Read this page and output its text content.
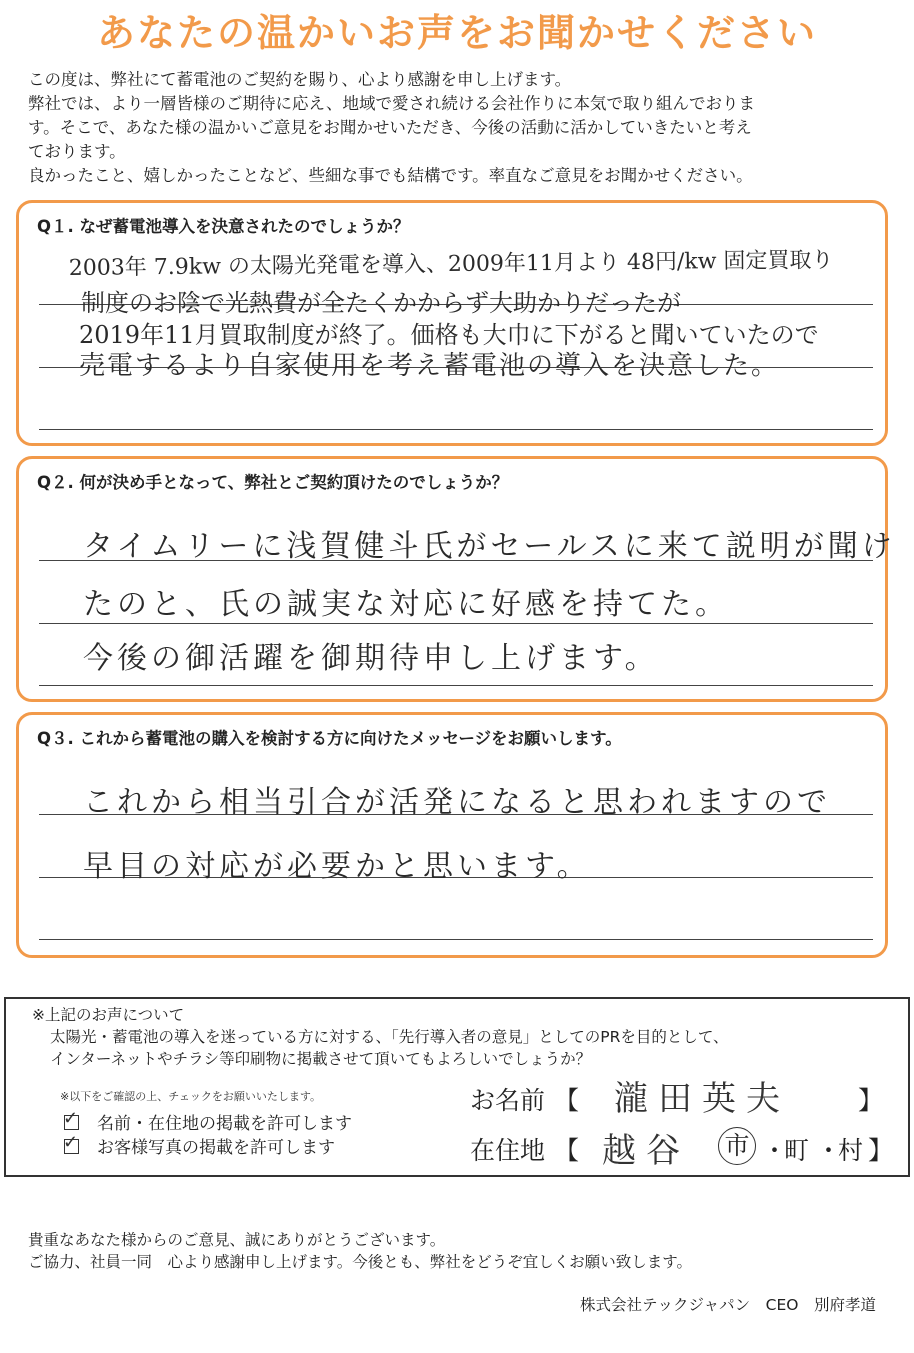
あなたの温かいお声をお聞かせください
この度は、弊社にて蓄電池のご契約を賜り、心より感謝を申し上げます。
弊社では、より一層皆様のご期待に応え、地域で愛され続ける会社作りに本気で取り組んでおりま
す。そこで、あなた様の温かいご意見をお聞かせいただき、今後の活動に活かしていきたいと考え
ております。
良かったこと、嬉しかったことなど、些細な事でも結構です。率直なご意見をお聞かせください。
Q１. なぜ蓄電池導入を決意されたのでしょうか？
2003年 7.9kw の太陽光発電を導入、2009年11月より 48円/kw 固定買取り
制度のお陰で光熱費が全たくかからず大助かりだったが
2019年11月買取制度が終了。価格も大巾に下がると聞いていたので
売電するより自家使用を考え蓄電池の導入を決意した。
Q２. 何が決め手となって、弊社とご契約頂けたのでしょうか？
タイムリーに浅賀健斗氏がセールスに来て説明が聞け
たのと、氏の誠実な対応に好感を持てた。
今後の御活躍を御期待申し上げます。
Q３. これから蓄電池の購入を検討する方に向けたメッセージをお願いします。
これから相当引合が活発になると思われますので
早目の対応が必要かと思います。
※上記のお声について
太陽光・蓄電池の導入を迷っている方に対する、「先行導入者の意見」としてのPRを目的として、
インターネットやチラシ等印刷物に掲載させて頂いてもよろしいでしょうか？
※以下をご確認の上、チェックをお願いいたします。
✓ 名前・在住地の掲載を許可します
✓ お客様写真の掲載を許可します
お名前 【 瀧田英夫	】
在住地 【 越谷 市 ・
町 ・
村 】
貴重なあなた様からのご意見、誠にありがとうございます。
ご協力、社員一同　心より感謝申し上げます。今後とも、弊社をどうぞ宜しくお願い致します。
株式会社テックジャパン　CEO　別府孝道
